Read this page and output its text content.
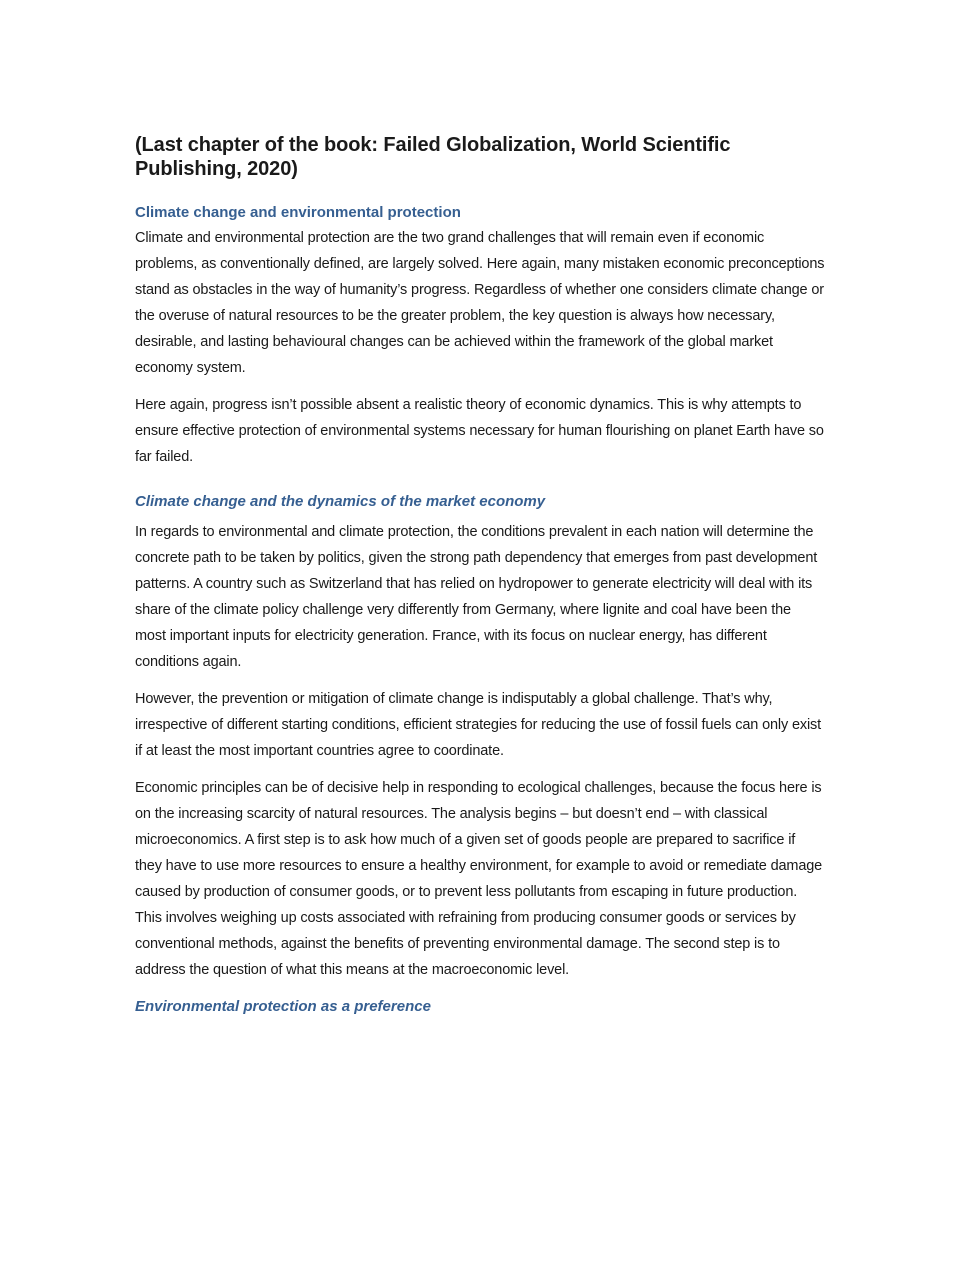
(Last chapter of the book: Failed Globalization, World Scientific Publishing, 2020)
Climate change and environmental protection

Climate and environmental protection are the two grand challenges that will remain even if economic problems, as conventionally defined, are largely solved. Here again, many mistaken economic preconceptions stand as obstacles in the way of humanity’s progress. Regardless of whether one considers climate change or the overuse of natural resources to be the greater problem, the key question is always how necessary, desirable, and lasting behavioural changes can be achieved within the framework of the global market economy system.

Here again, progress isn’t possible absent a realistic theory of economic dynamics. This is why attempts to ensure effective protection of environmental systems necessary for human flourishing on planet Earth have so far failed.

Climate change and the dynamics of the market economy

In regards to environmental and climate protection, the conditions prevalent in each nation will determine the concrete path to be taken by politics, given the strong path dependency that emerges from past development patterns. A country such as Switzerland that has relied on hydropower to generate electricity will deal with its share of the climate policy challenge very differently from Germany, where lignite and coal have been the most important inputs for electricity generation. France, with its focus on nuclear energy, has different conditions again.

However, the prevention or mitigation of climate change is indisputably a global challenge. That’s why, irrespective of different starting conditions, efficient strategies for reducing the use of fossil fuels can only exist if at least the most important countries agree to coordinate.

Economic principles can be of decisive help in responding to ecological challenges, because the focus here is on the increasing scarcity of natural resources. The analysis begins – but doesn’t end – with classical microeconomics. A first step is to ask how much of a given set of goods people are prepared to sacrifice if they have to use more resources to ensure a healthy environment, for example to avoid or remediate damage caused by production of consumer goods, or to prevent less pollutants from escaping in future production. This involves weighing up costs associated with refraining from producing consumer goods or services by conventional methods, against the benefits of preventing environmental damage. The second step is to address the question of what this means at the macroeconomic level.

Environmental protection as a preference
